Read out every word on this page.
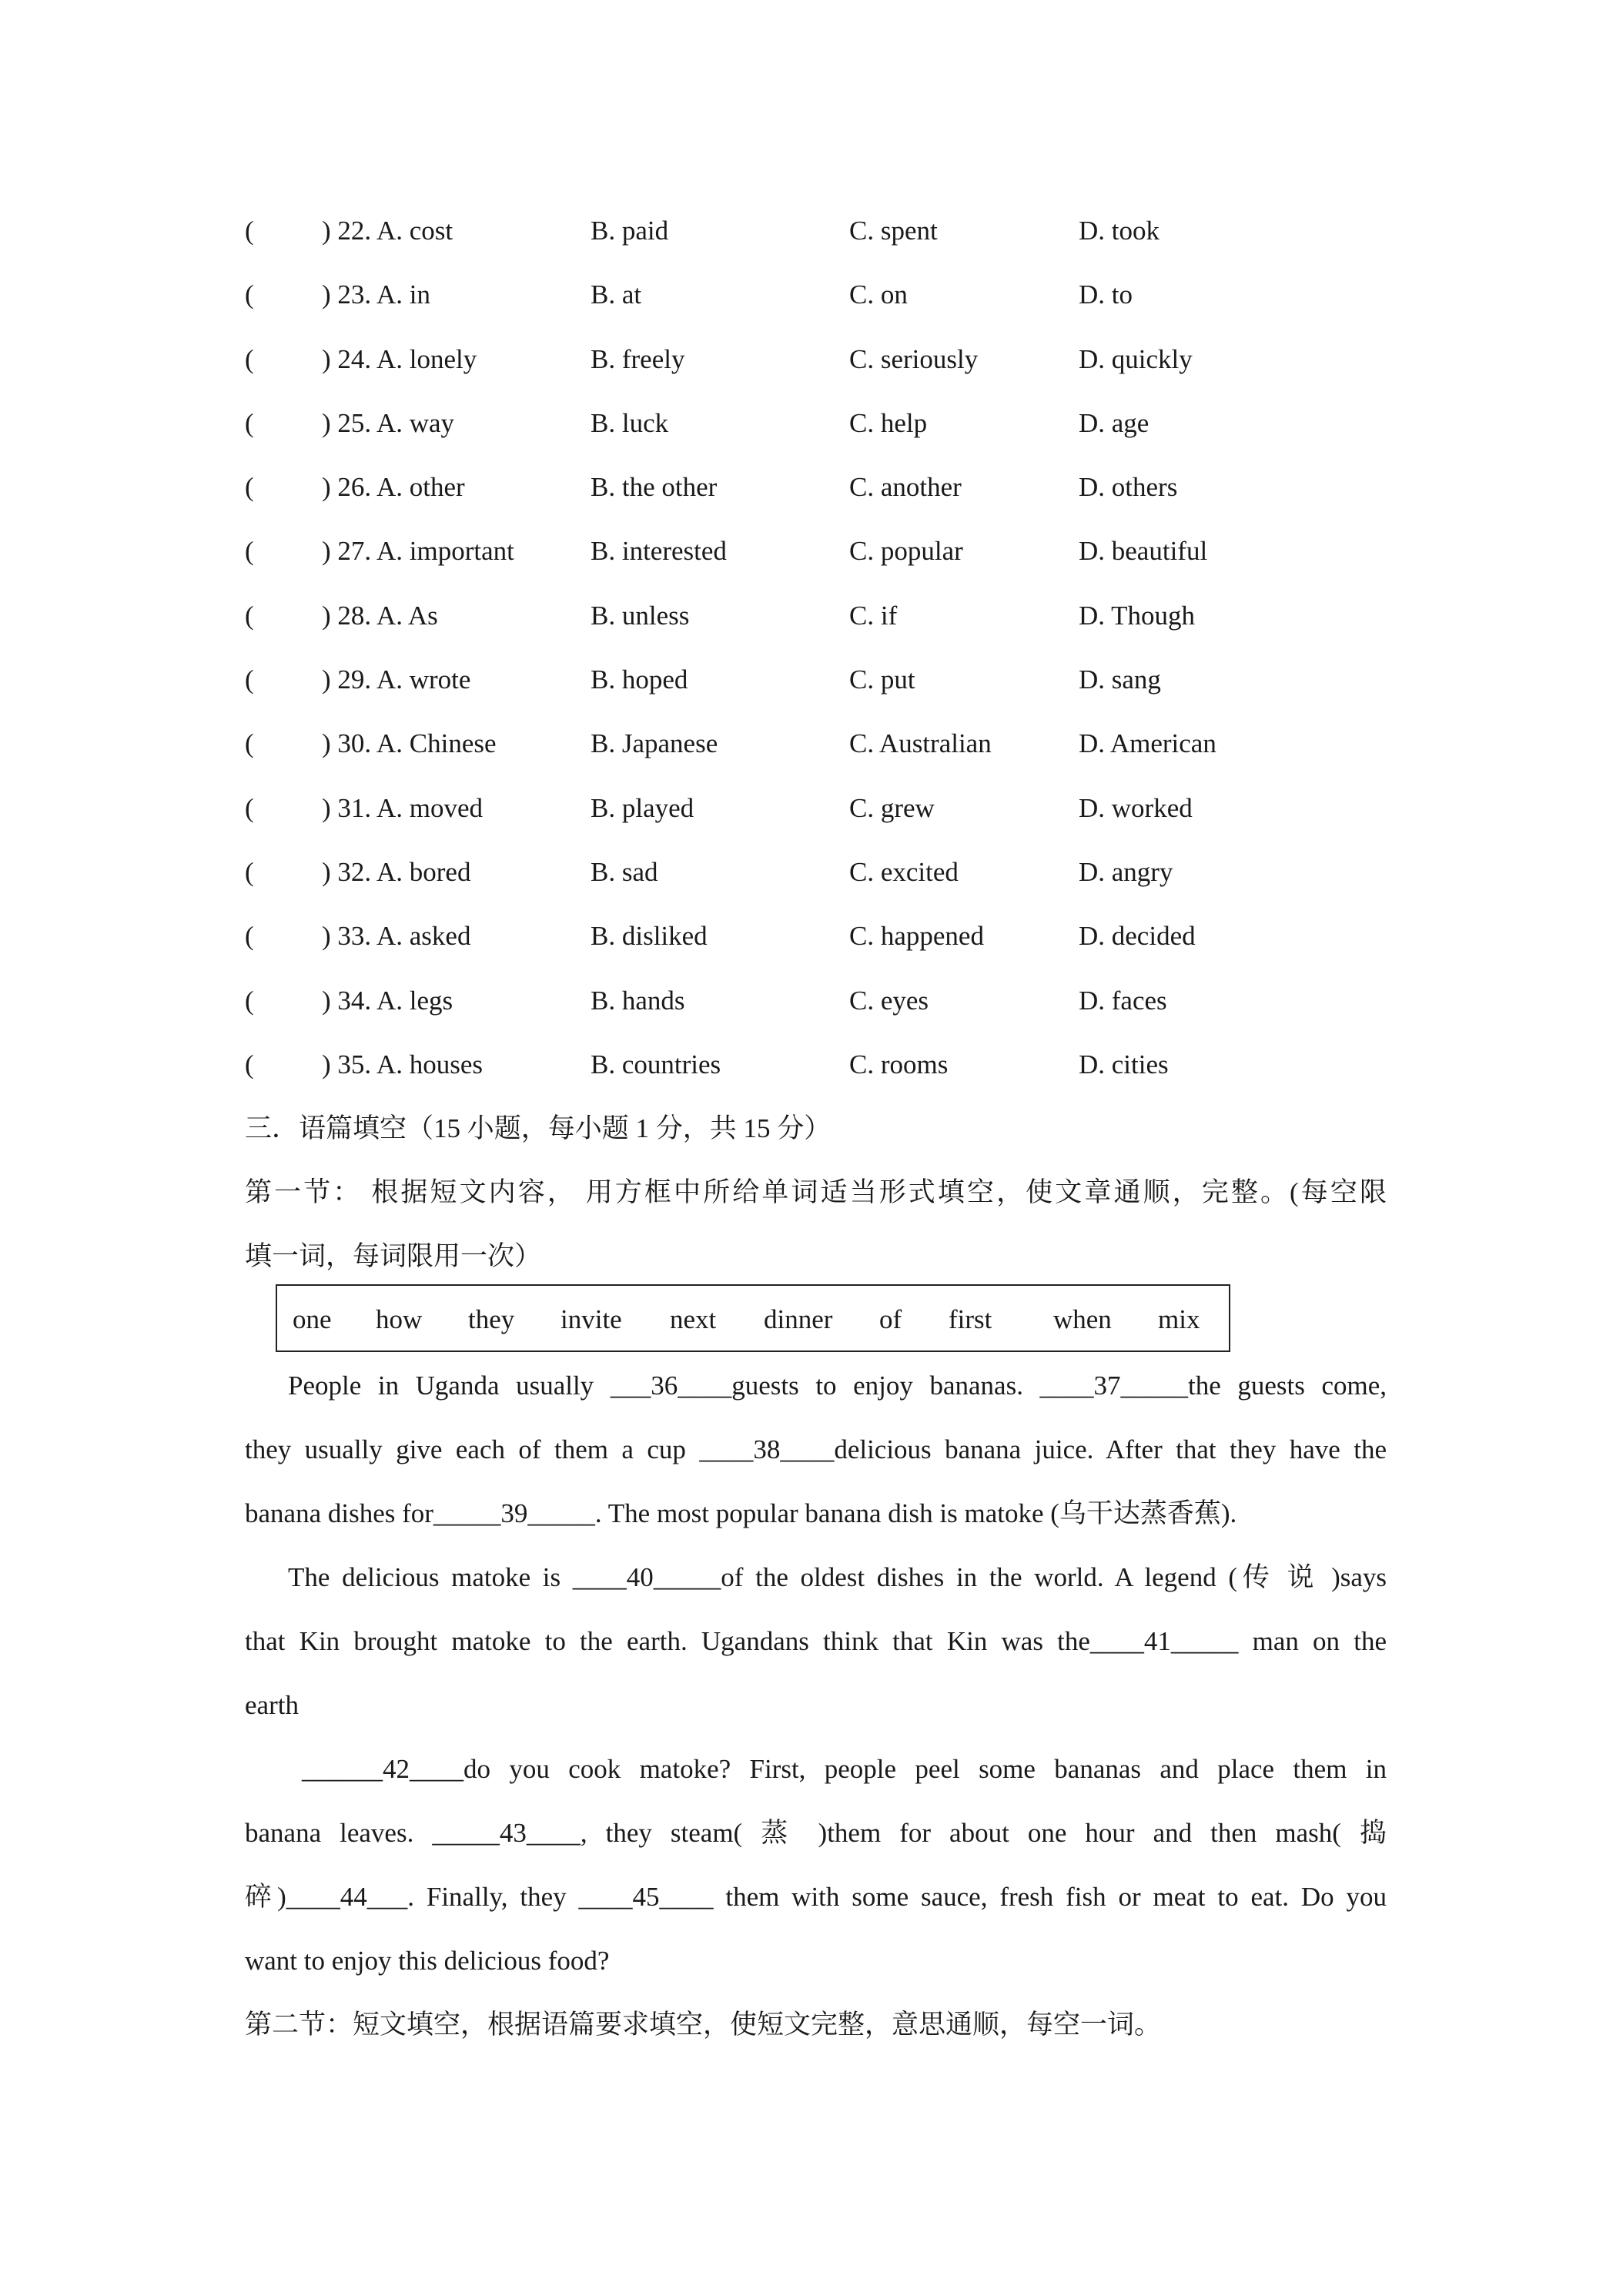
(	) 22. A. cost	B. paid	C. spent	D. took
(	) 23. A. in	B. at	C. on	D. to
(	) 24. A. lonely	B. freely	C. seriously	D. quickly
(	) 25. A. way	B. luck	C. help	D. age
(	) 26. A. other	B. the other	C. another	D. others
(	) 27. A. important	B. interested	C. popular	D. beautiful
(	) 28. A. As	B. unless	C. if	D. Though
(	) 29. A. wrote	B. hoped	C. put	D. sang
(	) 30. A. Chinese	B. Japanese	C. Australian	D. American
(	) 31. A. moved	B. played	C. grew	D. worked
(	) 32. A. bored	B. sad	C. excited	D. angry
(	) 33. A. asked	B. disliked	C. happened	D. decided
(	) 34. A. legs	B. hands	C. eyes	D. faces
(	) 35. A. houses	B. countries	C. rooms	D. cities
三．语篇填空（15 小题，每小题 1 分，共 15 分）
第一节： 根据短文内容， 用方框中所给单词适当形式填空，使文章通顺，完整。(每空限
填一词，每词限用一次）
one how they invite next dinner of first when mix
People in Uganda usually ___36____guests to enjoy bananas. ____37_____the guests come,
they usually give each of them a cup ____38____delicious banana juice. After that they have the
banana dishes for_____39_____. The most popular banana dish is matoke (乌干达蒸香蕉).
The delicious matoke is ____40_____of the oldest dishes in the world. A legend (传 说 )says
that Kin brought matoke to the earth. Ugandans think that Kin was the____41_____ man on the
earth
______42____do you cook matoke? First, people peel some bananas and place them in
banana leaves. _____43____, they steam( 蒸 )them for about one hour and then mash( 捣
碎)____44___. Finally, they ____45____ them with some sauce, fresh fish or meat to eat. Do you
want to enjoy this delicious food?
第二节：短文填空，根据语篇要求填空，使短文完整，意思通顺，每空一词。
